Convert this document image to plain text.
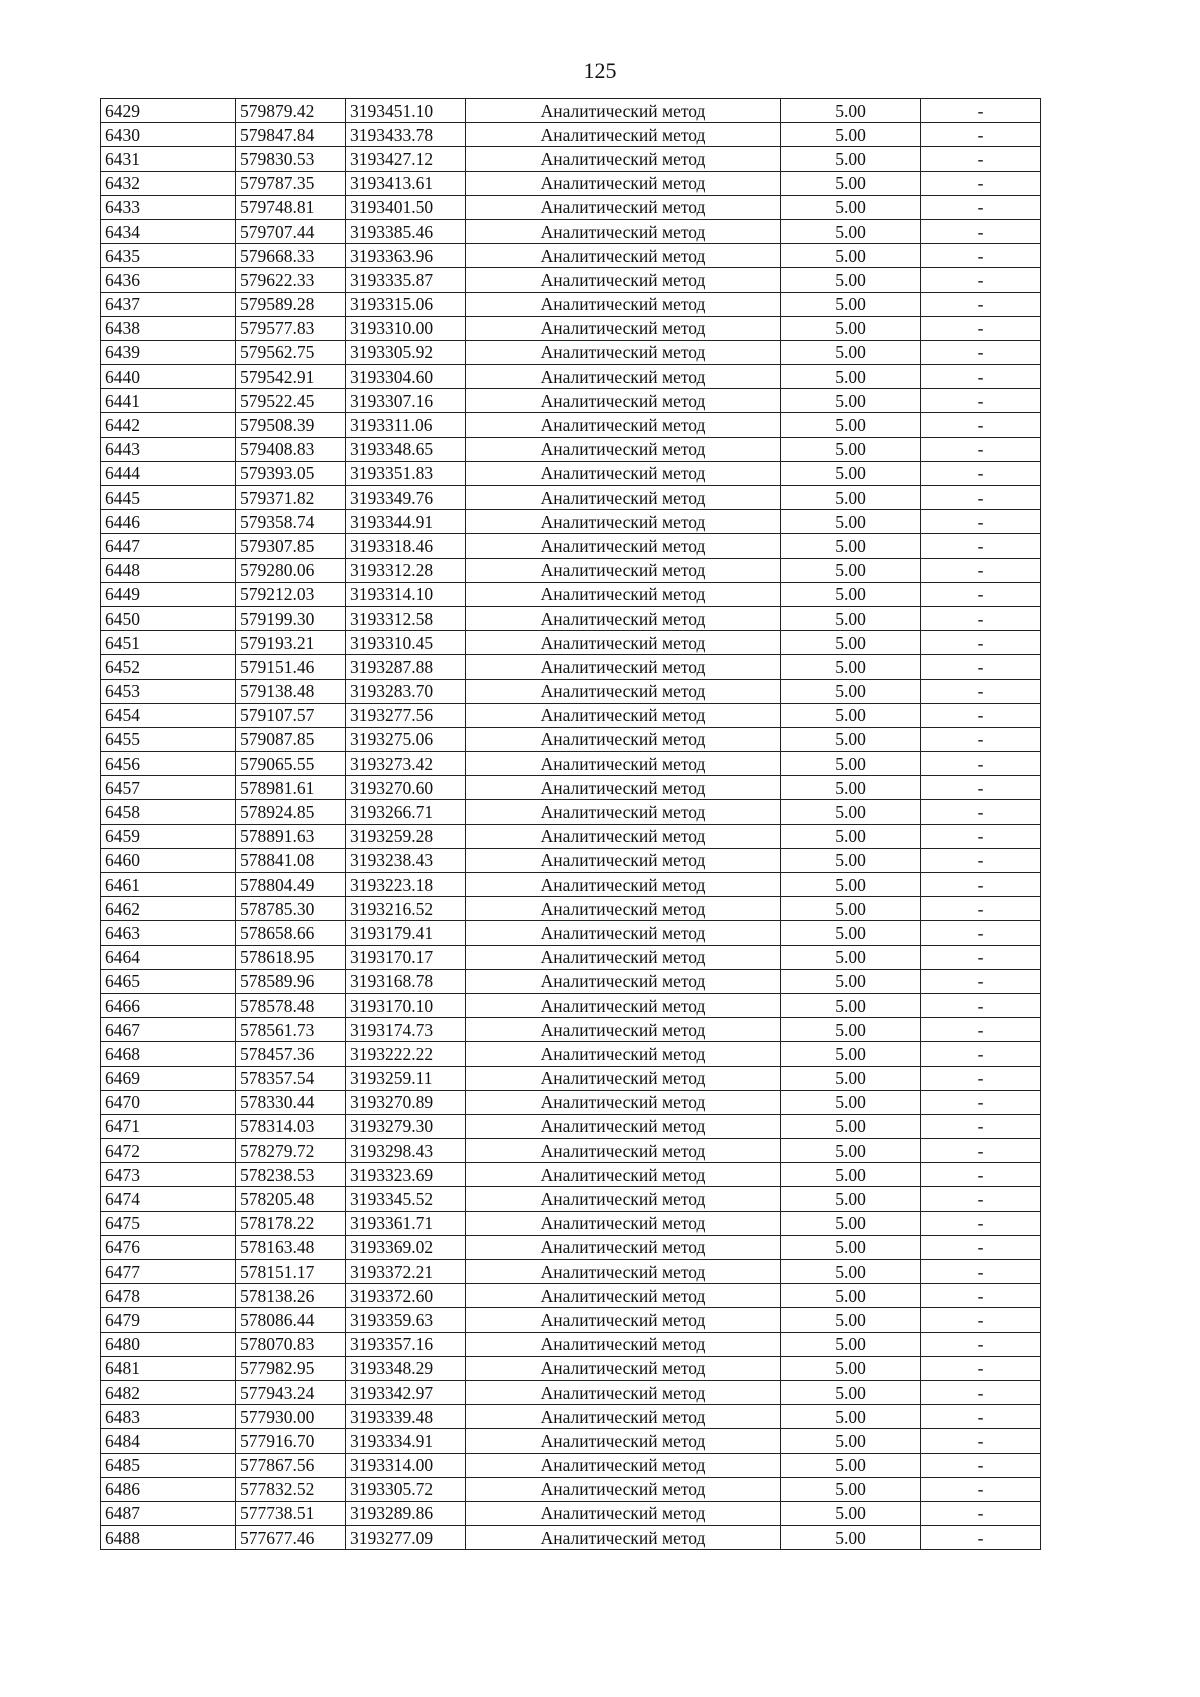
125
6429	579879.42	3193451.10	Аналитический метод	5.00	-
6430	579847.84	3193433.78	Аналитический метод	5.00	-
6431	579830.53	3193427.12	Аналитический метод	5.00	-
6432	579787.35	3193413.61	Аналитический метод	5.00	-
6433	579748.81	3193401.50	Аналитический метод	5.00	-
6434	579707.44	3193385.46	Аналитический метод	5.00	-
6435	579668.33	3193363.96	Аналитический метод	5.00	-
6436	579622.33	3193335.87	Аналитический метод	5.00	-
6437	579589.28	3193315.06	Аналитический метод	5.00	-
6438	579577.83	3193310.00	Аналитический метод	5.00	-
6439	579562.75	3193305.92	Аналитический метод	5.00	-
6440	579542.91	3193304.60	Аналитический метод	5.00	-
6441	579522.45	3193307.16	Аналитический метод	5.00	-
6442	579508.39	3193311.06	Аналитический метод	5.00	-
6443	579408.83	3193348.65	Аналитический метод	5.00	-
6444	579393.05	3193351.83	Аналитический метод	5.00	-
6445	579371.82	3193349.76	Аналитический метод	5.00	-
6446	579358.74	3193344.91	Аналитический метод	5.00	-
6447	579307.85	3193318.46	Аналитический метод	5.00	-
6448	579280.06	3193312.28	Аналитический метод	5.00	-
6449	579212.03	3193314.10	Аналитический метод	5.00	-
6450	579199.30	3193312.58	Аналитический метод	5.00	-
6451	579193.21	3193310.45	Аналитический метод	5.00	-
6452	579151.46	3193287.88	Аналитический метод	5.00	-
6453	579138.48	3193283.70	Аналитический метод	5.00	-
6454	579107.57	3193277.56	Аналитический метод	5.00	-
6455	579087.85	3193275.06	Аналитический метод	5.00	-
6456	579065.55	3193273.42	Аналитический метод	5.00	-
6457	578981.61	3193270.60	Аналитический метод	5.00	-
6458	578924.85	3193266.71	Аналитический метод	5.00	-
6459	578891.63	3193259.28	Аналитический метод	5.00	-
6460	578841.08	3193238.43	Аналитический метод	5.00	-
6461	578804.49	3193223.18	Аналитический метод	5.00	-
6462	578785.30	3193216.52	Аналитический метод	5.00	-
6463	578658.66	3193179.41	Аналитический метод	5.00	-
6464	578618.95	3193170.17	Аналитический метод	5.00	-
6465	578589.96	3193168.78	Аналитический метод	5.00	-
6466	578578.48	3193170.10	Аналитический метод	5.00	-
6467	578561.73	3193174.73	Аналитический метод	5.00	-
6468	578457.36	3193222.22	Аналитический метод	5.00	-
6469	578357.54	3193259.11	Аналитический метод	5.00	-
6470	578330.44	3193270.89	Аналитический метод	5.00	-
6471	578314.03	3193279.30	Аналитический метод	5.00	-
6472	578279.72	3193298.43	Аналитический метод	5.00	-
6473	578238.53	3193323.69	Аналитический метод	5.00	-
6474	578205.48	3193345.52	Аналитический метод	5.00	-
6475	578178.22	3193361.71	Аналитический метод	5.00	-
6476	578163.48	3193369.02	Аналитический метод	5.00	-
6477	578151.17	3193372.21	Аналитический метод	5.00	-
6478	578138.26	3193372.60	Аналитический метод	5.00	-
6479	578086.44	3193359.63	Аналитический метод	5.00	-
6480	578070.83	3193357.16	Аналитический метод	5.00	-
6481	577982.95	3193348.29	Аналитический метод	5.00	-
6482	577943.24	3193342.97	Аналитический метод	5.00	-
6483	577930.00	3193339.48	Аналитический метод	5.00	-
6484	577916.70	3193334.91	Аналитический метод	5.00	-
6485	577867.56	3193314.00	Аналитический метод	5.00	-
6486	577832.52	3193305.72	Аналитический метод	5.00	-
6487	577738.51	3193289.86	Аналитический метод	5.00	-
6488	577677.46	3193277.09	Аналитический метод	5.00	-
